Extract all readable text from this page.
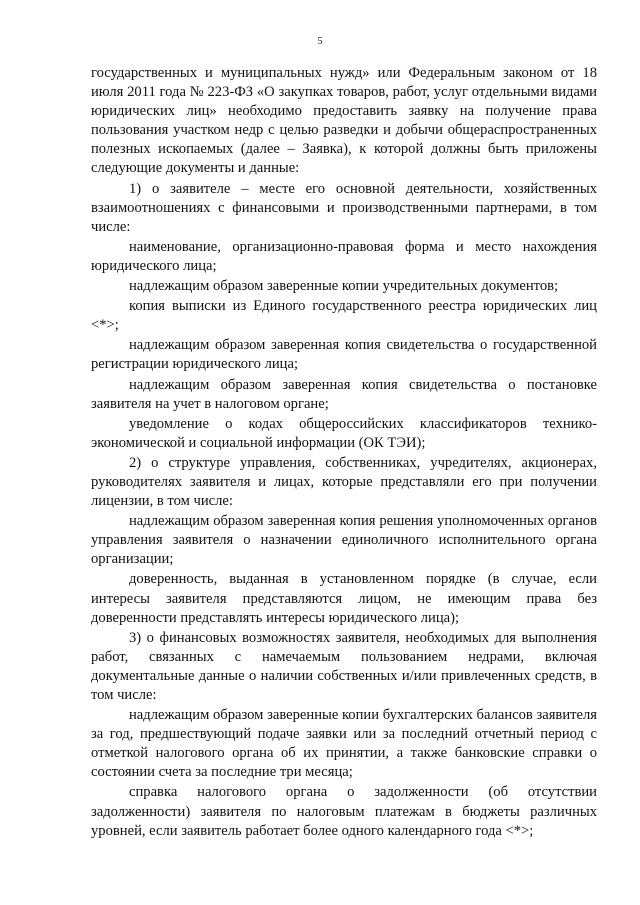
5

государственных и муниципальных нужд» или Федеральным законом от 18 июля 2011 года № 223-ФЗ «О закупках товаров, работ, услуг отдельными видами юридических лиц» необходимо предоставить заявку на получение права пользования участком недр с целью разведки и добычи общераспространенных полезных ископаемых (далее – Заявка), к которой должны быть приложены следующие документы и данные:

1) о заявителе – месте его основной деятельности, хозяйственных взаимоотношениях с финансовыми и производственными партнерами, в том числе:

наименование, организационно-правовая форма и место нахождения юридического лица;

надлежащим образом заверенные копии учредительных документов;

копия выписки из Единого государственного реестра юридических лиц <*>;

надлежащим образом заверенная копия свидетельства о государственной регистрации юридического лица;

надлежащим образом заверенная копия свидетельства о постановке заявителя на учет в налоговом органе;

уведомление о кодах общероссийских классификаторов технико-экономической и социальной информации (ОК ТЭИ);

2) о структуре управления, собственниках, учредителях, акционерах, руководителях заявителя и лицах, которые представляли его при получении лицензии, в том числе:

надлежащим образом заверенная копия решения уполномоченных органов управления заявителя о назначении единоличного исполнительного органа организации;

доверенность, выданная в установленном порядке (в случае, если интересы заявителя представляются лицом, не имеющим права без доверенности представлять интересы юридического лица);

3) о финансовых возможностях заявителя, необходимых для выполнения работ, связанных с намечаемым пользованием недрами, включая документальные данные о наличии собственных и/или привлеченных средств, в том числе:

надлежащим образом заверенные копии бухгалтерских балансов заявителя за год, предшествующий подаче заявки или за последний отчетный период с отметкой налогового органа об их принятии, а также банковские справки о состоянии счета за последние три месяца;

справка налогового органа о задолженности (об отсутствии задолженности) заявителя по налоговым платежам в бюджеты различных уровней, если заявитель работает более одного календарного года <*>;
